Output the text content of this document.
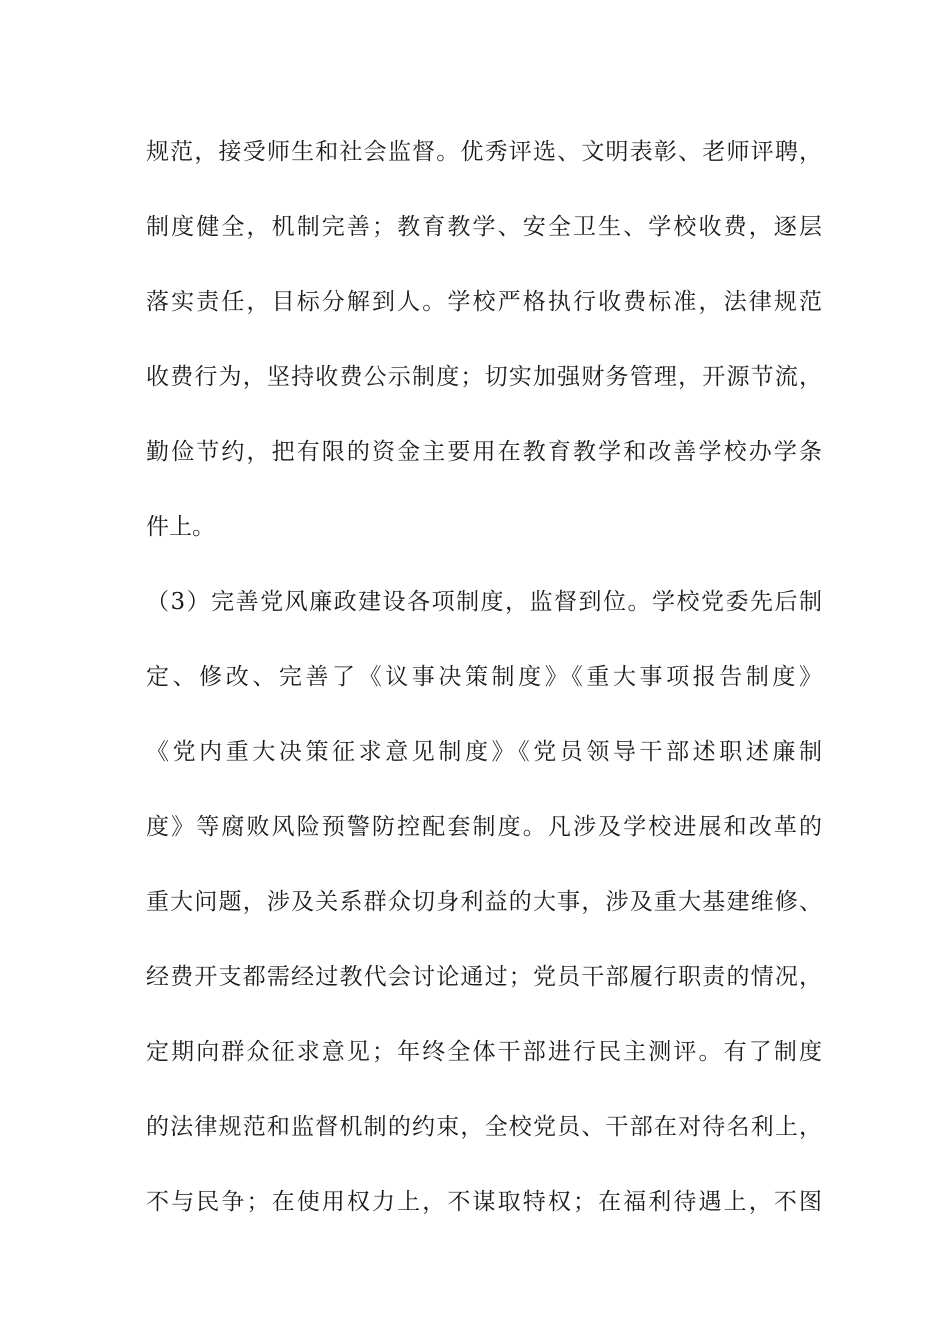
规范，接受师生和社会监督。优秀评选、文明表彰、老师评聘，
制度健全，机制完善；教育教学、安全卫生、学校收费，逐层
落实责任，目标分解到人。学校严格执行收费标准，法律规范
收费行为，坚持收费公示制度；切实加强财务管理，开源节流，
勤俭节约，把有限的资金主要用在教育教学和改善学校办学条
件上。
（3）完善党风廉政建设各项制度，监督到位。学校党委先后制
定、修改、完善了《议事决策制度》《重大事项报告制度》
《党内重大决策征求意见制度》《党员领导干部述职述廉制
度》等腐败风险预警防控配套制度。凡涉及学校进展和改革的
重大问题，涉及关系群众切身利益的大事，涉及重大基建维修、
经费开支都需经过教代会讨论通过；党员干部履行职责的情况，
定期向群众征求意见；年终全体干部进行民主测评。有了制度
的法律规范和监督机制的约束，全校党员、干部在对待名利上，
不与民争；在使用权力上，不谋取特权；在福利待遇上，不图
